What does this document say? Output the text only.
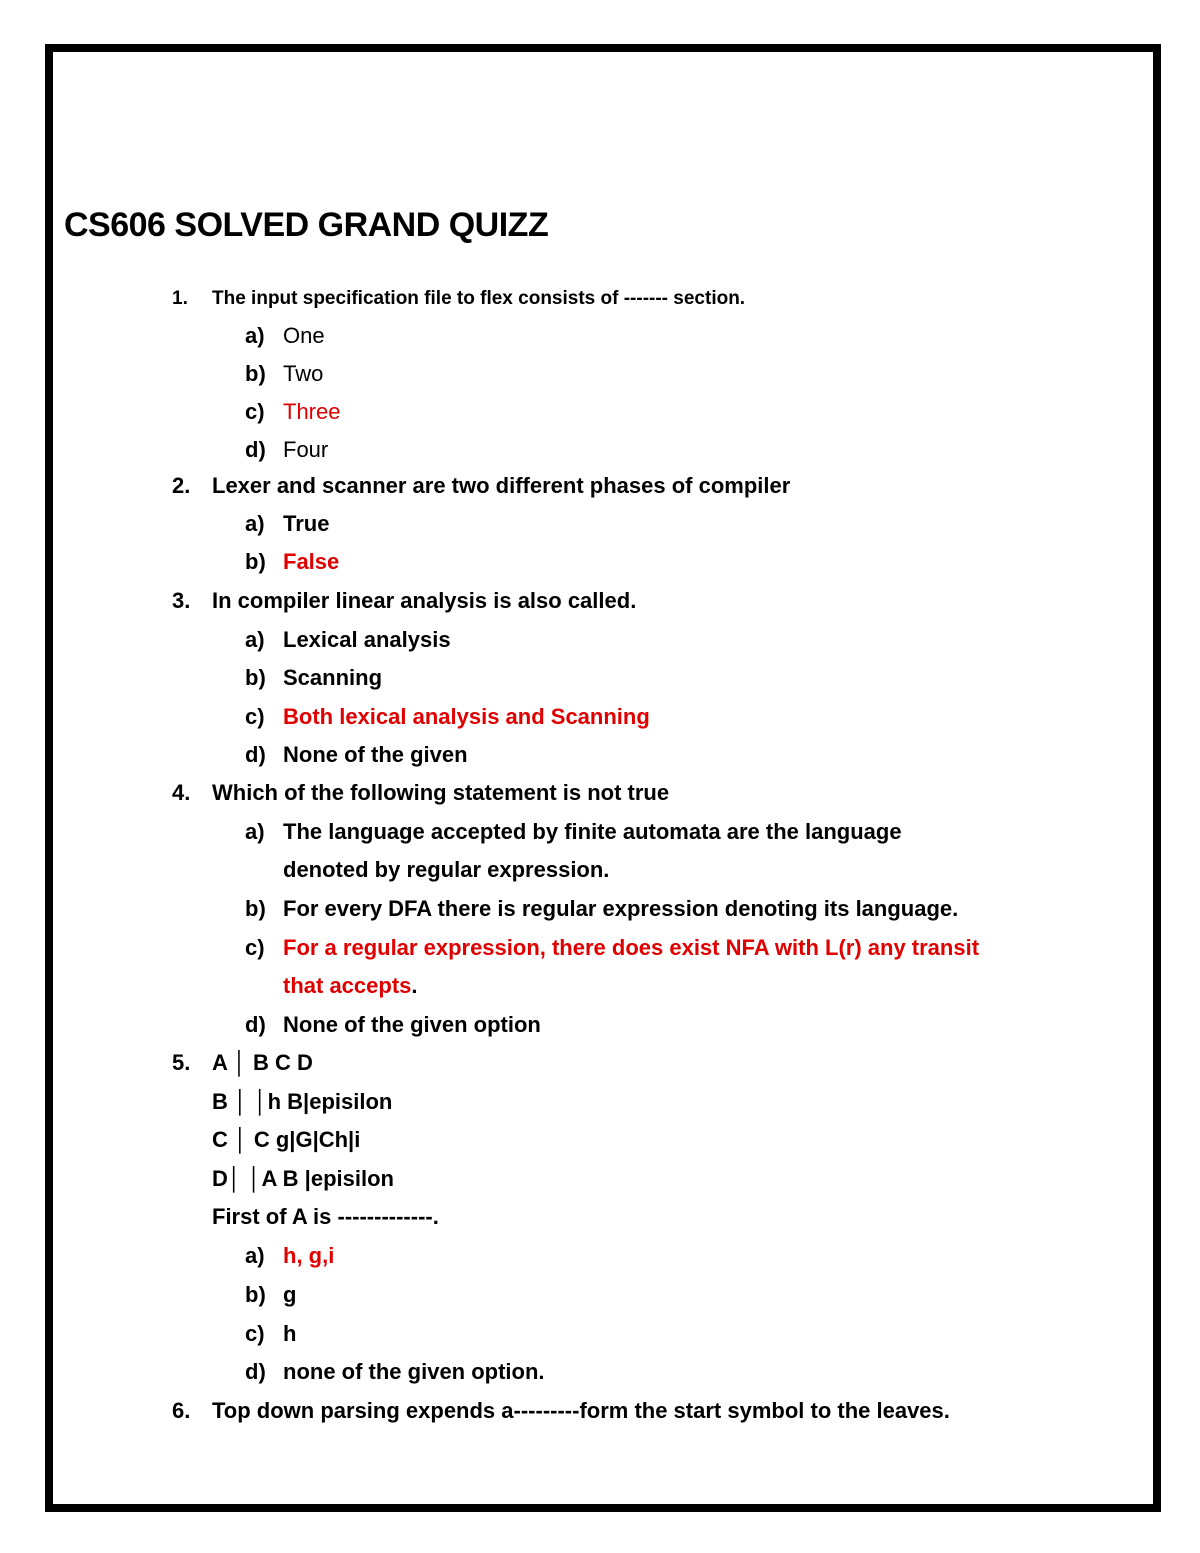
CS606 SOLVED GRAND QUIZZ
1. The input specification file to flex consists of ------- section.
a) One
b) Two
c) Three
d) Four
2. Lexer and scanner are two different phases of compiler
a) True
b) False
3. In compiler linear analysis is also called.
a) Lexical analysis
b) Scanning
c) Both lexical analysis and Scanning
d) None of the given
4. Which of the following statement is not true
a) The language accepted by finite automata are the language
denoted by regular expression.
b) For every DFA there is regular expression denoting its language.
c) For a regular expression, there does exist NFA with L(r) any transit
that accepts.
d) None of the given option
5. A │ B C D
B │ │h B|episilon
C │ C g|G|Ch|i
D│ │A B |episilon
First of A is -------------.
a) h, g,i
b) g
c) h
d) none of the given option.
6. Top down parsing expends a---------form the start symbol to the leaves.
